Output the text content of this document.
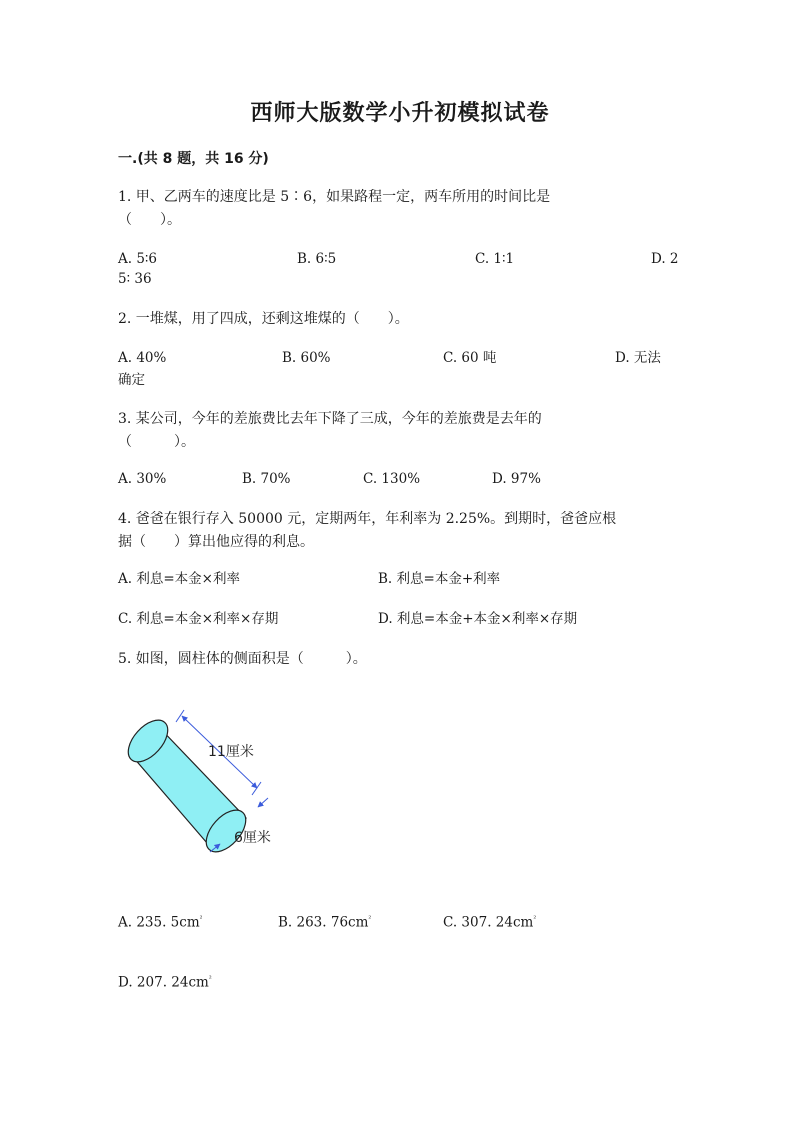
西师大版数学小升初模拟试卷
一.(共 8 题，共 16 分)
1. 甲、乙两车的速度比是 5∶6，如果路程一定，两车所用的时间比是
（　　）。
A. 5∶6	B. 6∶5	C. 1∶1	D. 2
5∶ 36
2. 一堆煤，用了四成，还剩这堆煤的（　　）。
A. 40%	B. 60%	C. 60 吨	D. 无法
确定
3. 某公司，今年的差旅费比去年下降了三成，今年的差旅费是去年的
（　　　）。
A. 30%	B. 70%	C. 130%	D. 97%
4. 爸爸在银行存入 50000 元，定期两年，年利率为 2.25%。到期时，爸爸应根
据（　　）算出他应得的利息。
A. 利息=本金×利率	B. 利息=本金+利率
C. 利息=本金×利率×存期	D. 利息=本金+本金×利率×存期
5. 如图，圆柱体的侧面积是（　　　）。
11厘米
6厘米
A. 235. $5cm^{^2}$	B. 263. $76cm^{^2}$	C. 307. $24cm^{^2}$
D. 207. $24cm^{^2}$
